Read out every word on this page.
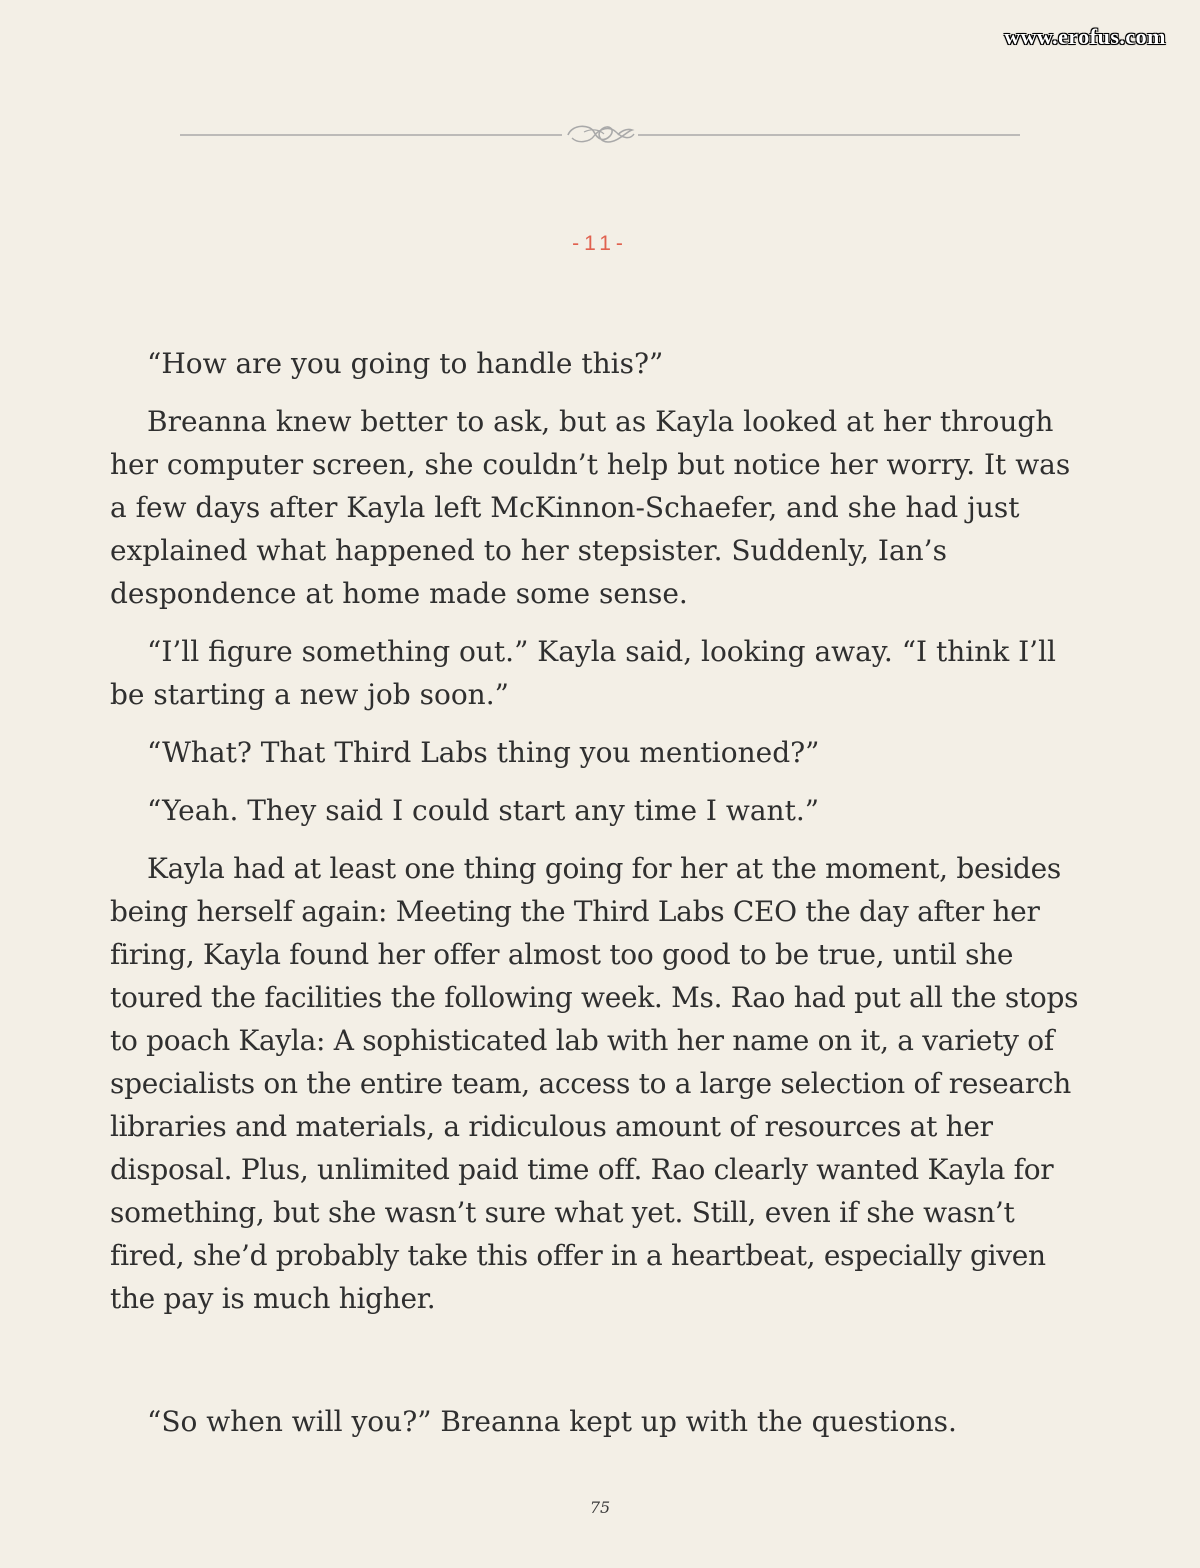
www.erofus.com
-11-

“How are you going to handle this?”

Breanna knew better to ask, but as Kayla looked at her through her computer screen, she couldn’t help but notice her worry. It was a few days after Kayla left McKinnon-Schaefer, and she had just explained what happened to her stepsister. Suddenly, Ian’s despondence at home made some sense.

“I’ll figure something out.” Kayla said, looking away. “I think I’ll be starting a new job soon.”

“What? That Third Labs thing you mentioned?”

“Yeah. They said I could start any time I want.”

Kayla had at least one thing going for her at the moment, besides being herself again: Meeting the Third Labs CEO the day after her firing, Kayla found her offer almost too good to be true, until she toured the facilities the following week. Ms. Rao had put all the stops to poach Kayla: A sophisticated lab with her name on it, a variety of specialists on the entire team, access to a large selection of research libraries and materials, a ridiculous amount of resources at her disposal. Plus, unlimited paid time off. Rao clearly wanted Kayla for something, but she wasn’t sure what yet. Still, even if she wasn’t fired, she’d probably take this offer in a heartbeat, especially given the pay is much higher.

“So when will you?” Breanna kept up with the questions.

75
